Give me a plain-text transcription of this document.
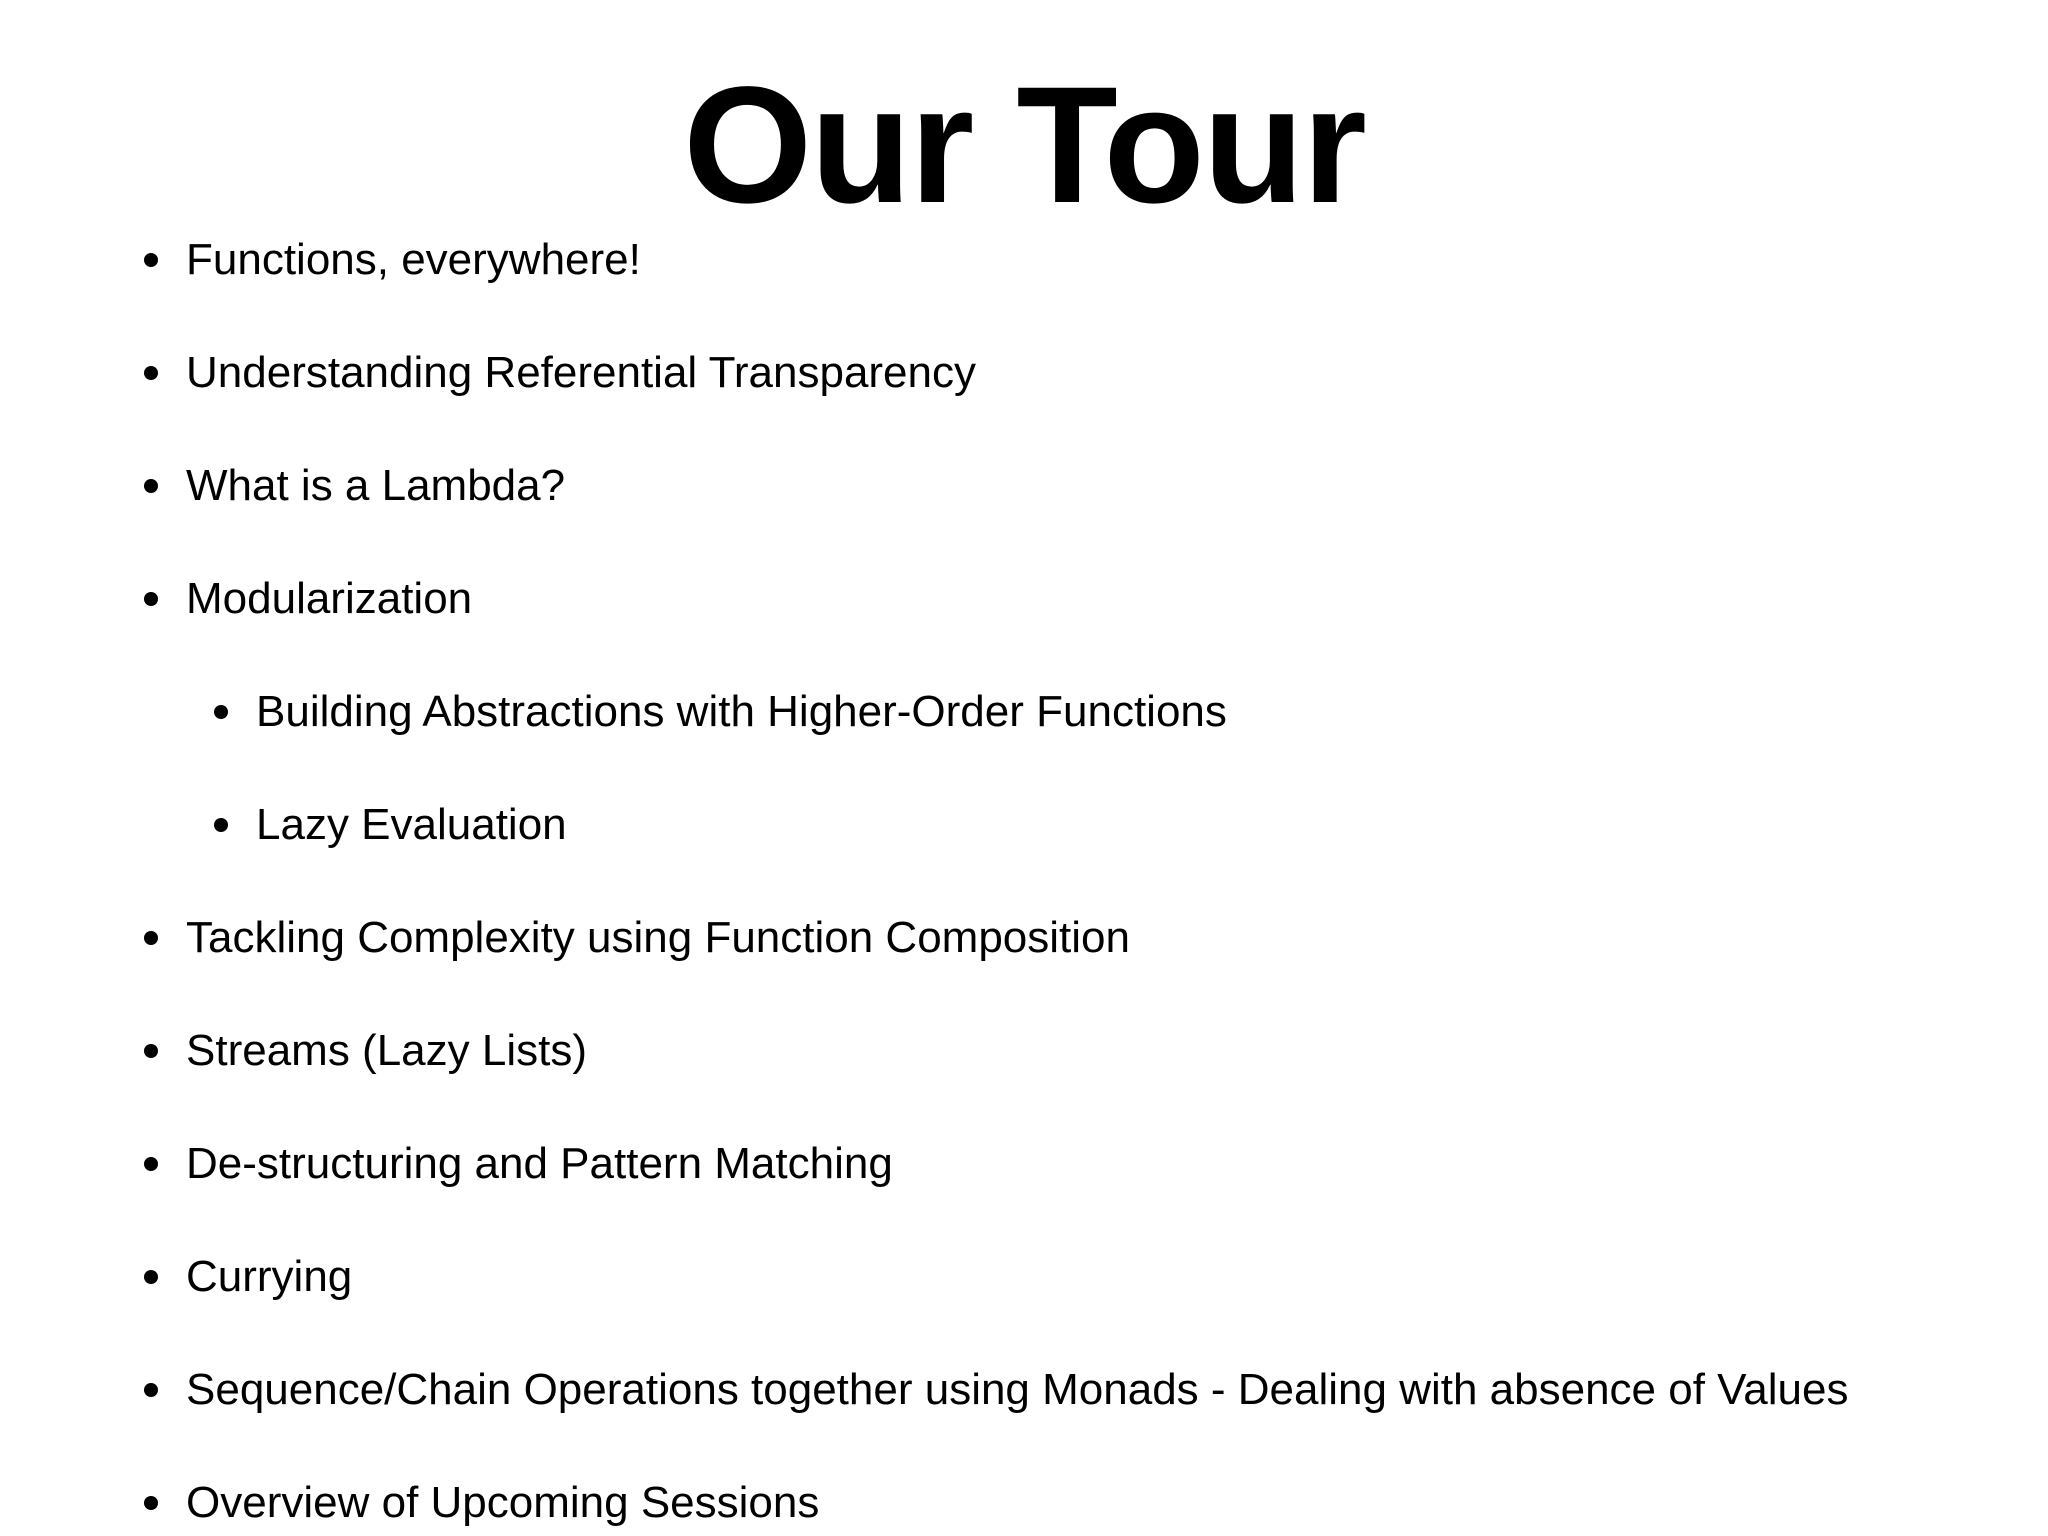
Our Tour
Functions, everywhere!
Understanding Referential Transparency
What is a Lambda?
Modularization
Building Abstractions with Higher-Order Functions
Lazy Evaluation
Tackling Complexity using Function Composition
Streams (Lazy Lists)
De-structuring and Pattern Matching
Currying
Sequence/Chain Operations together using Monads - Dealing with absence of Values
Overview of Upcoming Sessions
